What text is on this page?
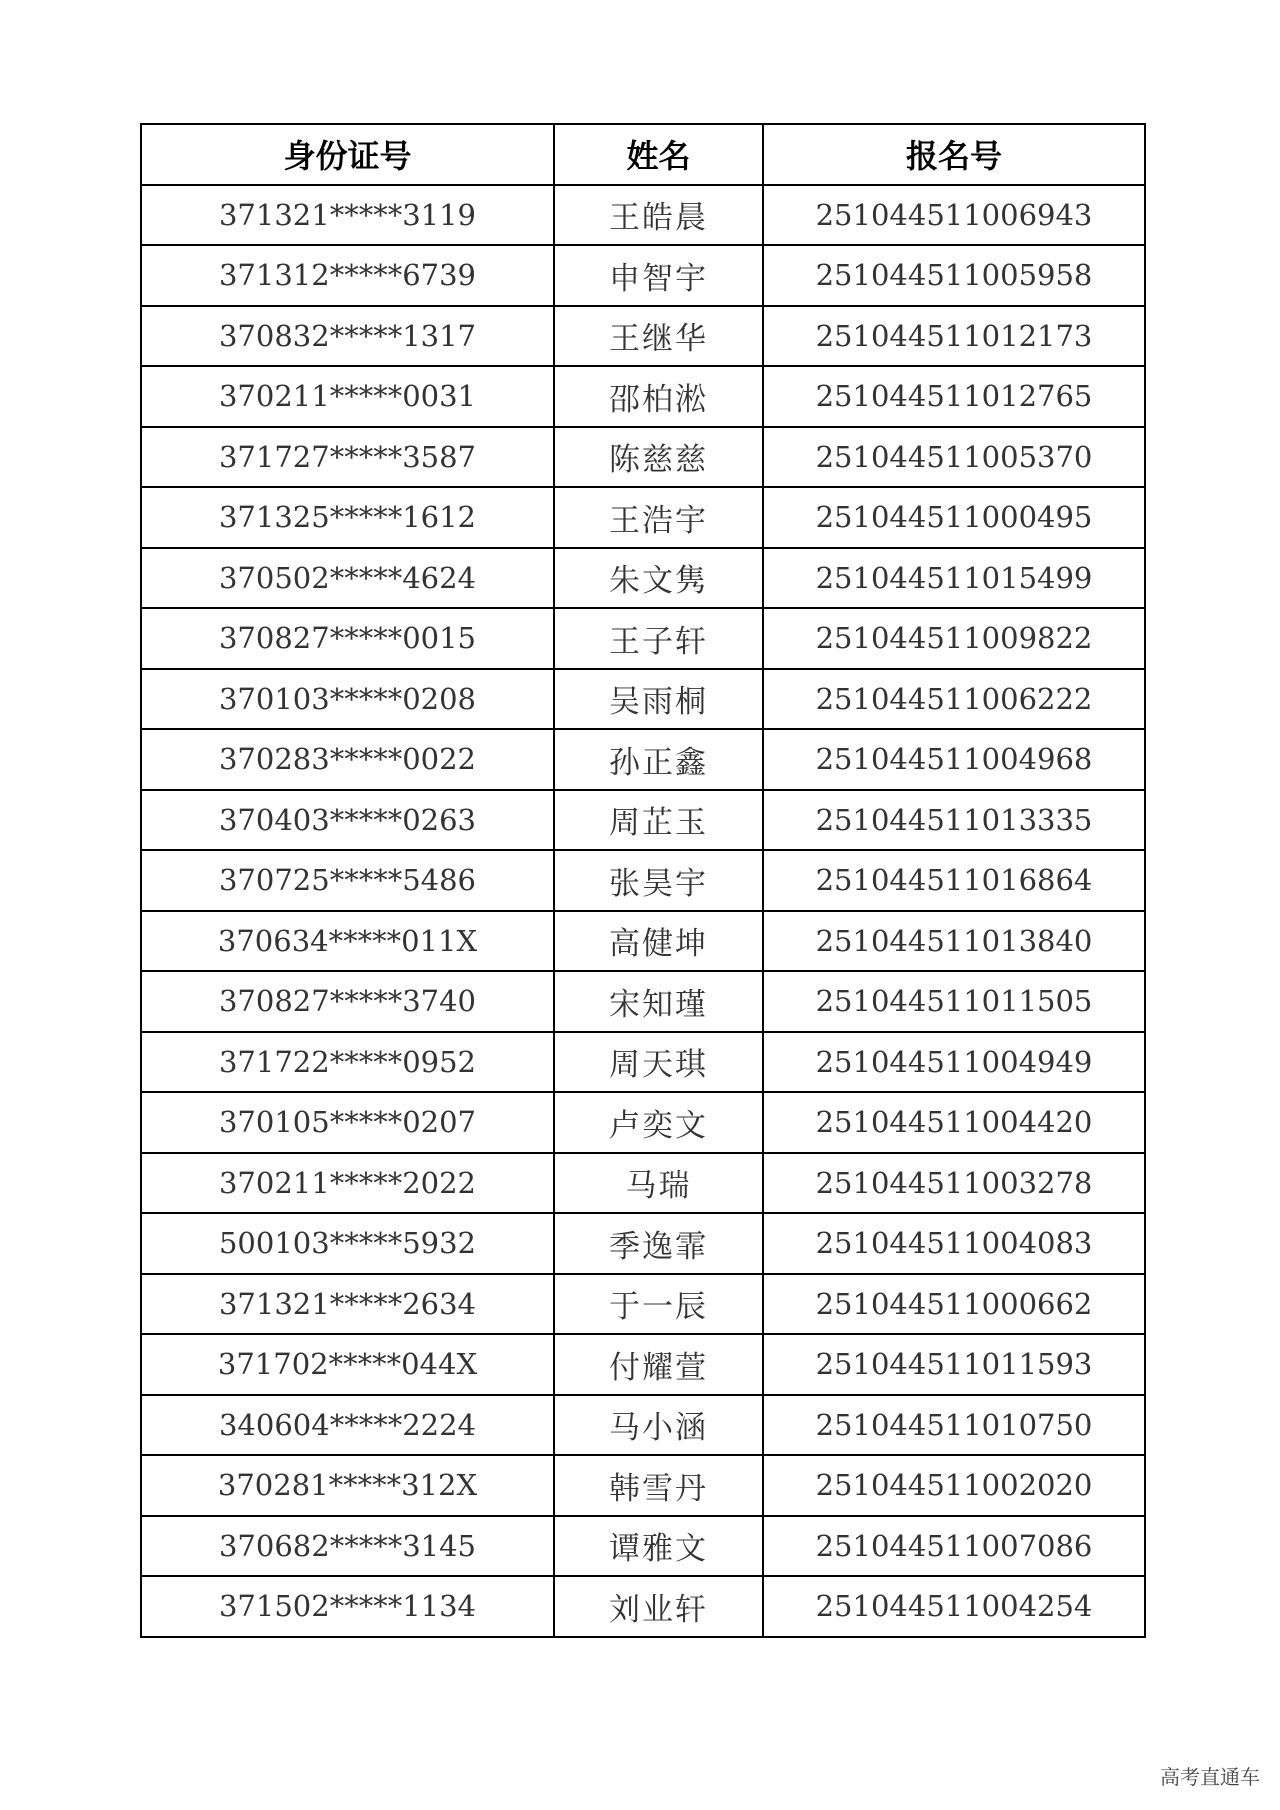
身份证号	姓名	报名号
371321*****3119	王皓晨	251044511006943
371312*****6739	申智宇	251044511005958
370832*****1317	王继华	251044511012173
370211*****0031	邵柏淞	251044511012765
371727*****3587	陈慈慈	251044511005370
371325*****1612	王浩宇	251044511000495
370502*****4624	朱文隽	251044511015499
370827*****0015	王子轩	251044511009822
370103*****0208	吴雨桐	251044511006222
370283*****0022	孙正鑫	251044511004968
370403*****0263	周芷玉	251044511013335
370725*****5486	张昊宇	251044511016864
370634*****011X	高健坤	251044511013840
370827*****3740	宋知瑾	251044511011505
371722*****0952	周天琪	251044511004949
370105*****0207	卢奕文	251044511004420
370211*****2022	马瑞	251044511003278
500103*****5932	季逸霏	251044511004083
371321*****2634	于一辰	251044511000662
371702*****044X	付耀萱	251044511011593
340604*****2224	马小涵	251044511010750
370281*****312X	韩雪丹	251044511002020
370682*****3145	谭雅文	251044511007086
371502*****1134	刘业轩	251044511004254
高考直通车
